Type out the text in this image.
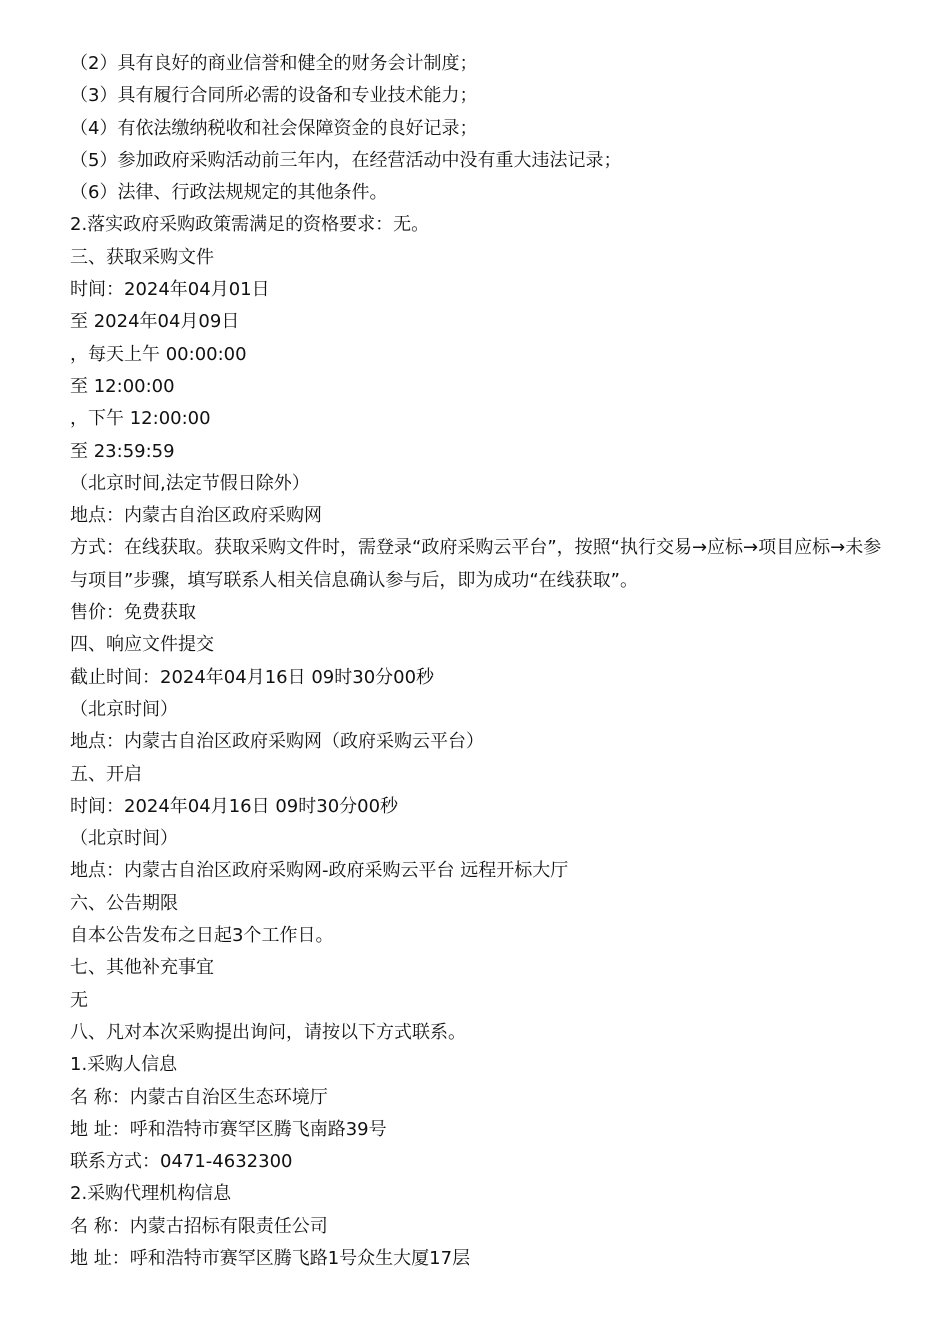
（2）具有良好的商业信誉和健全的财务会计制度；
（3）具有履行合同所必需的设备和专业技术能力；
（4）有依法缴纳税收和社会保障资金的良好记录；
（5）参加政府采购活动前三年内，在经营活动中没有重大违法记录；
（6）法律、行政法规规定的其他条件。
2.落实政府采购政策需满足的资格要求：无。
三、获取采购文件
时间：2024年04月01日
至 2024年04月09日
，每天上午 00:00:00
至 12:00:00
，下午 12:00:00
至 23:59:59
（北京时间,法定节假日除外）
地点：内蒙古自治区政府采购网
方式：在线获取。获取采购文件时，需登录“政府采购云平台”，按照“执行交易→应标→项目应标→未参与项目”步骤，填写联系人相关信息确认参与后，即为成功“在线获取”。
售价：免费获取
四、响应文件提交
截止时间：2024年04月16日 09时30分00秒
（北京时间）
地点：内蒙古自治区政府采购网（政府采购云平台）
五、开启
时间：2024年04月16日 09时30分00秒
（北京时间）
地点：内蒙古自治区政府采购网-政府采购云平台 远程开标大厅
六、公告期限
自本公告发布之日起3个工作日。
七、其他补充事宜
无
八、凡对本次采购提出询问，请按以下方式联系。
1.采购人信息
名 称：内蒙古自治区生态环境厅
地 址：呼和浩特市赛罕区腾飞南路39号
联系方式：0471-4632300
2.采购代理机构信息
名 称：内蒙古招标有限责任公司
地 址：呼和浩特市赛罕区腾飞路1号众生大厦17层
